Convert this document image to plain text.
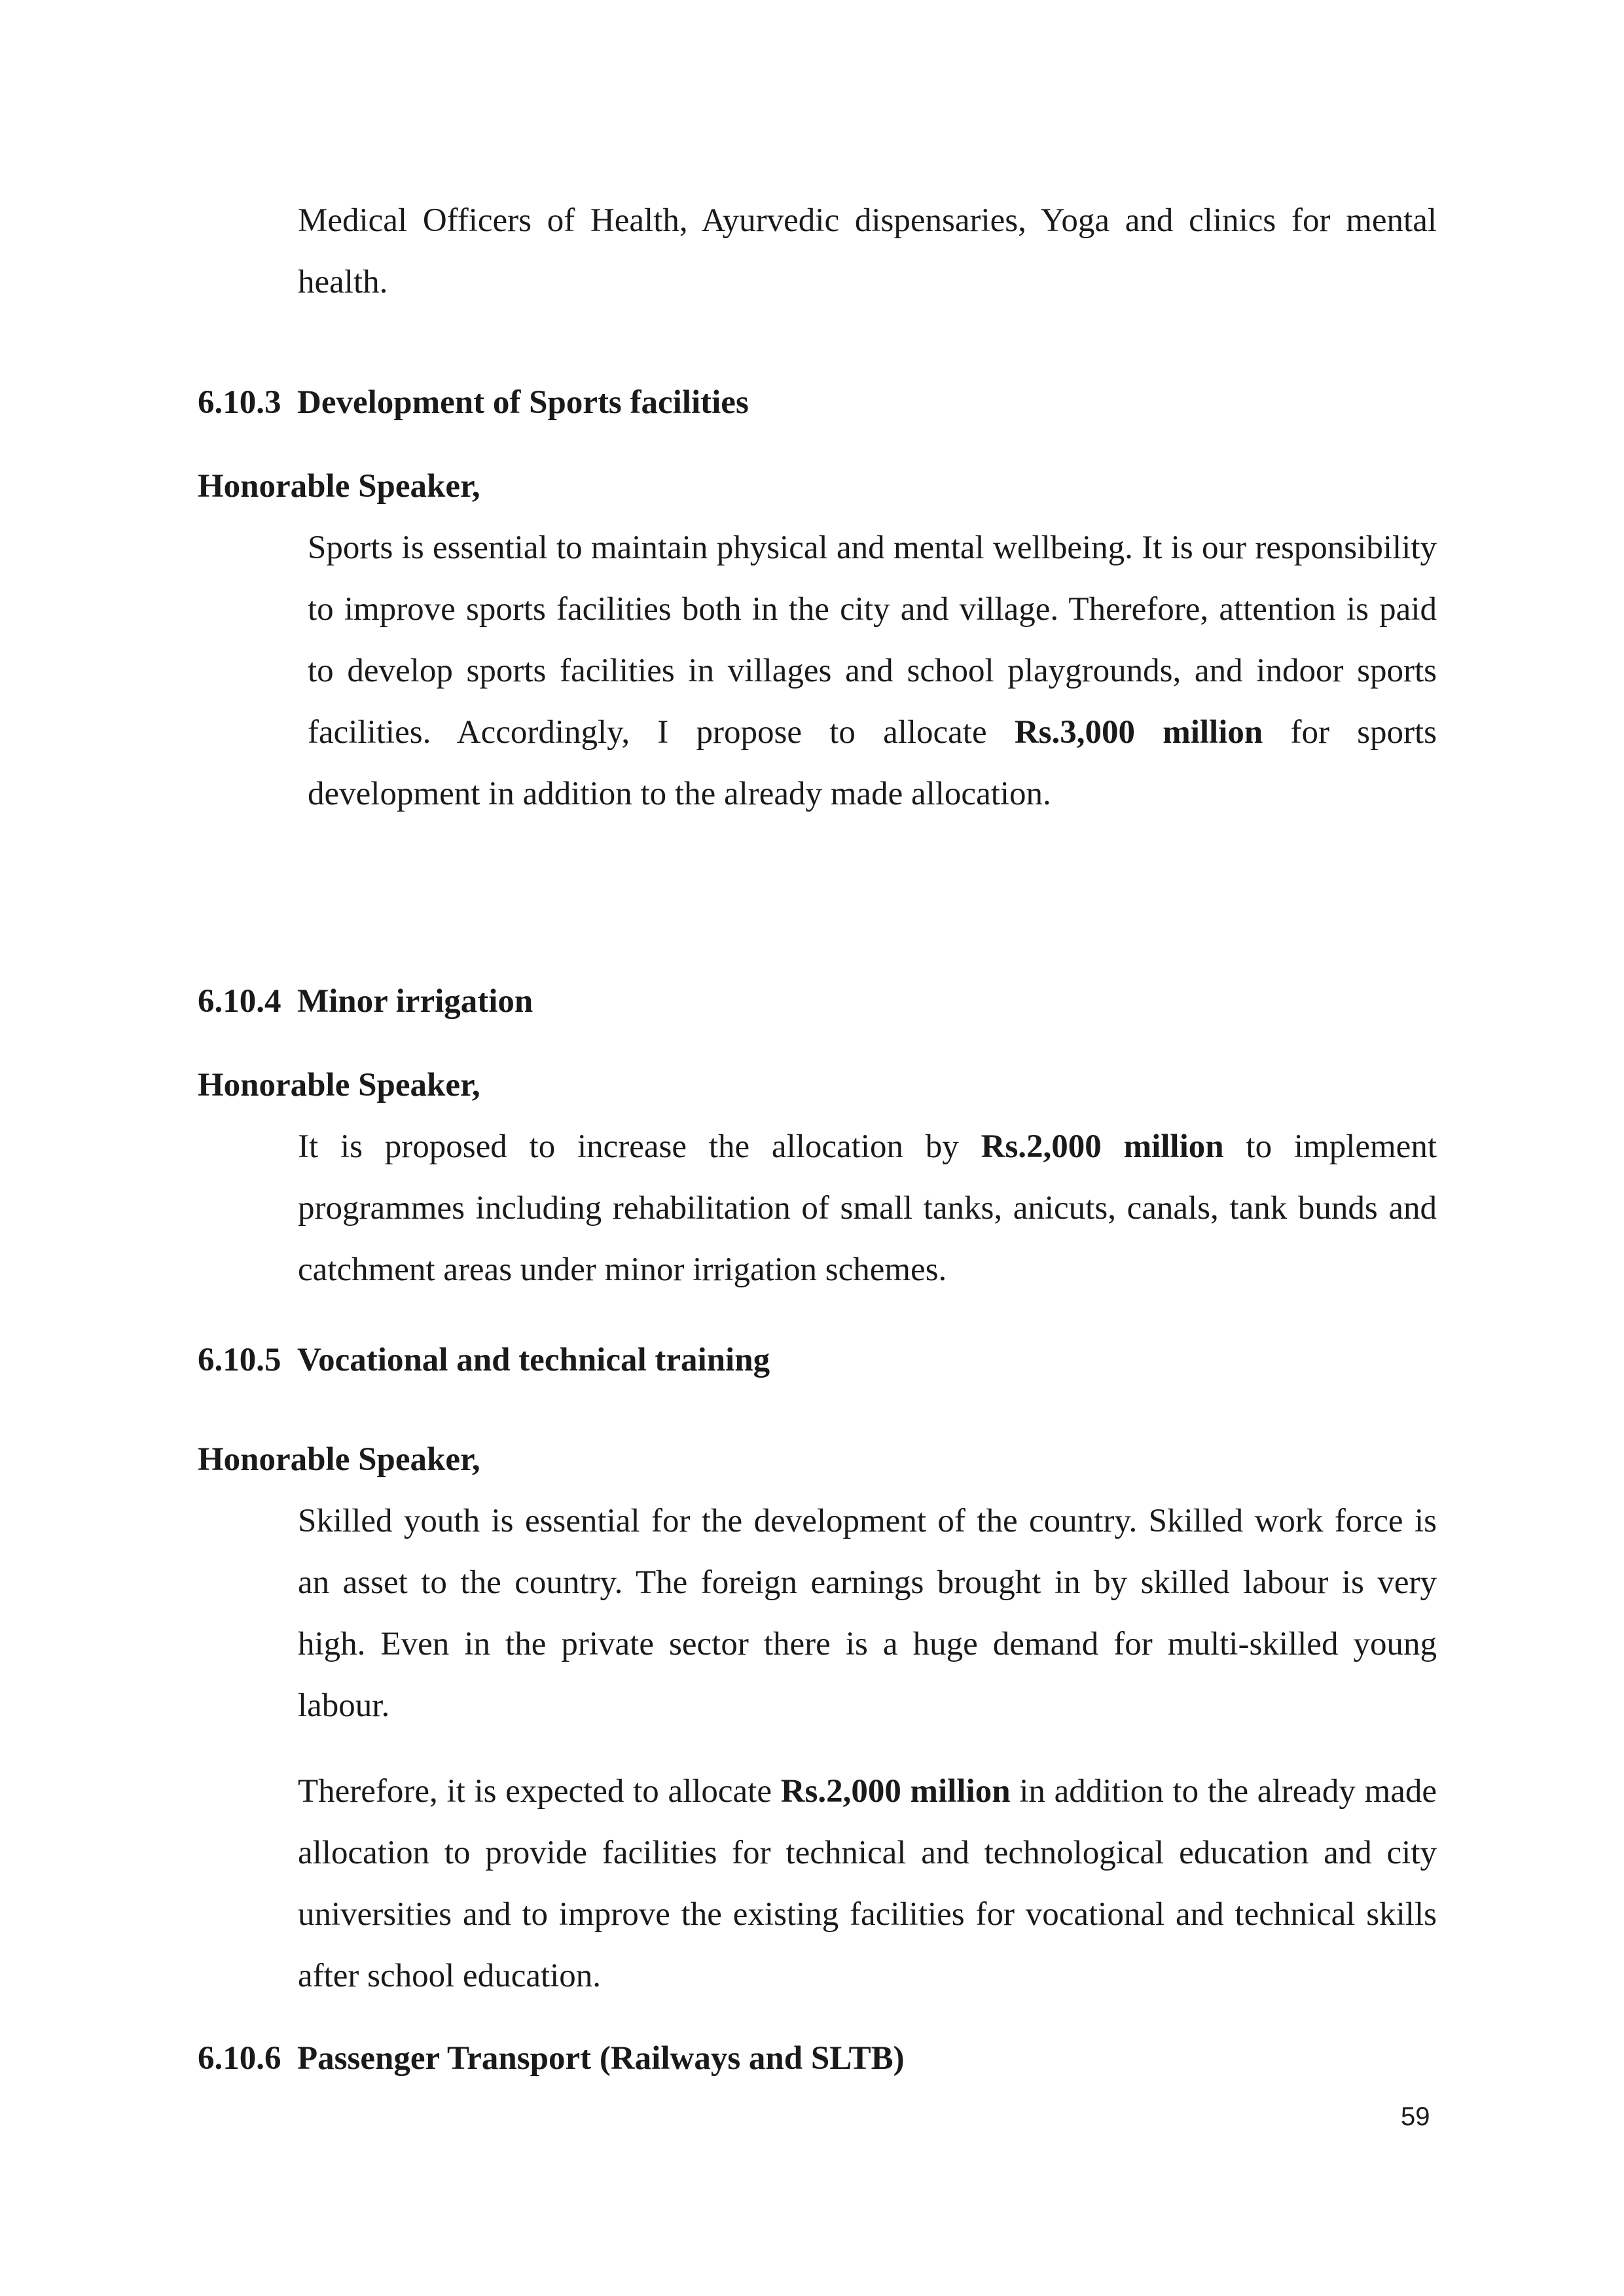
Medical Officers of Health, Ayurvedic dispensaries, Yoga and clinics for mental health.

6.10.3 Development of Sports facilities
Honorable Speaker,

Sports is essential to maintain physical and mental wellbeing. It is our responsibility to improve sports facilities both in the city and village. Therefore, attention is paid to develop sports facilities in villages and school playgrounds, and indoor sports facilities. Accordingly, I propose to allocate Rs.3,000 million for sports development in addition to the already made allocation.

6.10.4 Minor irrigation
Honorable Speaker,

It is proposed to increase the allocation by Rs.2,000 million to implement programmes including rehabilitation of small tanks, anicuts, canals, tank bunds and catchment areas under minor irrigation schemes.

6.10.5 Vocational and technical training
Honorable Speaker,

Skilled youth is essential for the development of the country. Skilled work force is an asset to the country. The foreign earnings brought in by skilled labour is very high. Even in the private sector there is a huge demand for multi-skilled young labour.

Therefore, it is expected to allocate Rs.2,000 million in addition to the already made allocation to provide facilities for technical and technological education and city universities and to improve the existing facilities for vocational and technical skills after school education.

6.10.6 Passenger Transport (Railways and SLTB)
59
